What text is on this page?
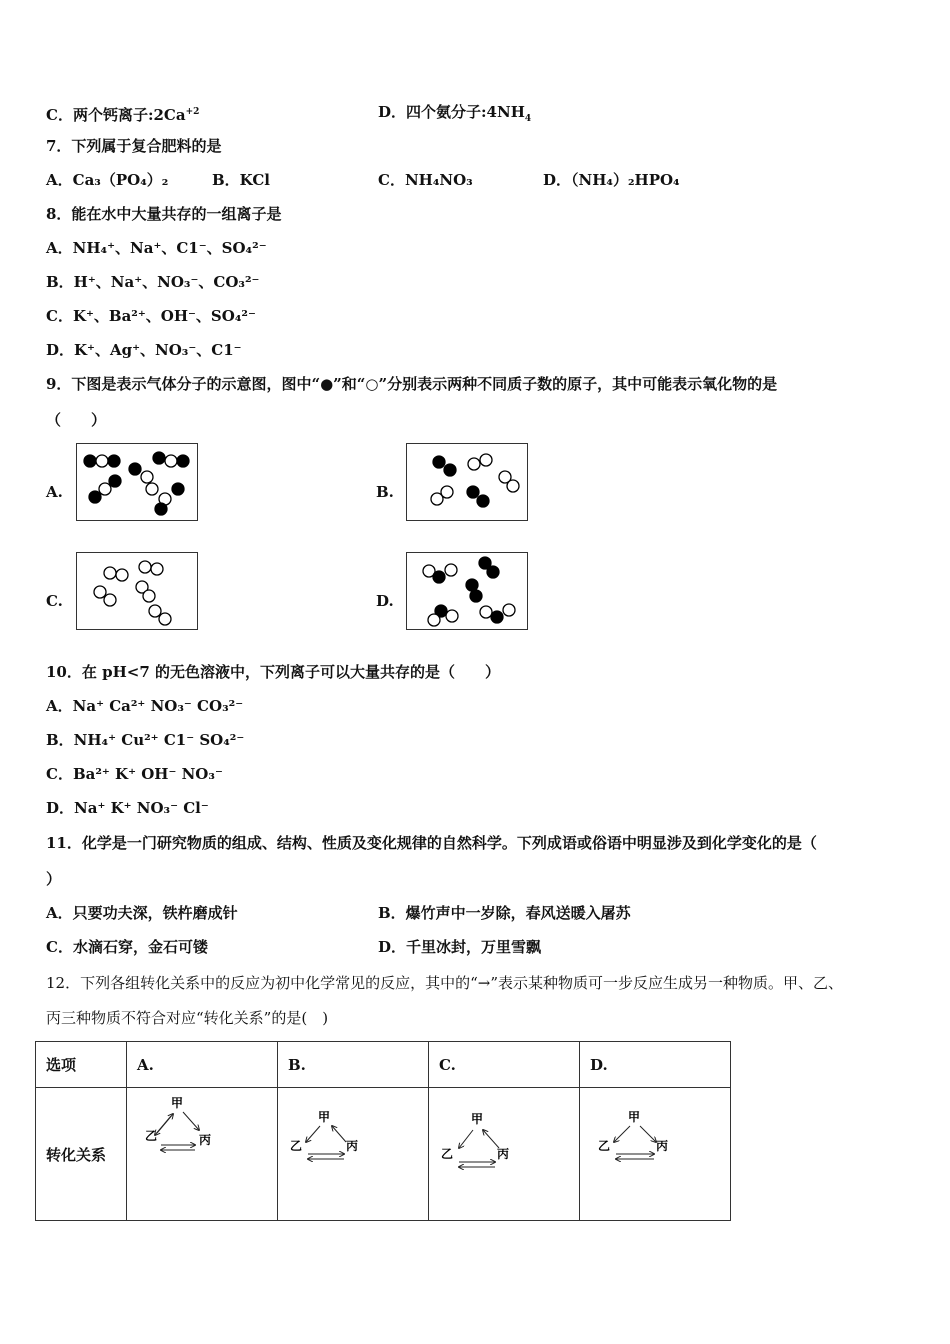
C．两个钙离子$:2Ca^{+2}$	D．四个氨分子$:4NH_4$
7．下列属于复合肥料的是
A．Ca₃（PO₄）₂	B．KCl	C．NH₄NO₃	D．（NH₄）₂HPO₄
8．能在水中大量共存的一组离子是
A．NH₄⁺、Na⁺、C1⁻、SO₄²⁻
B．H⁺、Na⁺、NO₃⁻、CO₃²⁻
C．K⁺、Ba²⁺、OH⁻、SO₄²⁻
D．K⁺、Ag⁺、NO₃⁻、C1⁻
9．下图是表示气体分子的示意图，图中“●”和“○”分别表示两种不同质子数的原子，其中可能表示氧化物的是
（　　）
A.	B.
C.	D.
10．在 pH<7 的无色溶液中，下列离子可以大量共存的是（　　）
A．Na⁺ Ca²⁺ NO₃⁻ CO₃²⁻
B．NH₄⁺ Cu²⁺ C1⁻ SO₄²⁻
C．Ba²⁺ K⁺ OH⁻ NO₃⁻
D．Na⁺ K⁺ NO₃⁻ Cl⁻
11．化学是一门研究物质的组成、结构、性质及变化规律的自然科学。下列成语或俗语中明显涉及到化学变化的是（
）
A．只要功夫深，铁杵磨成针	B．爆竹声中一岁除，春风送暖入屠苏
C．水滴石穿，金石可镂	D．千里冰封，万里雪飘
12．下列各组转化关系中的反应为初中化学常见的反应，其中的“→”表示某种物质可一步反应生成另一种物质。甲、乙、
丙三种物质不符合对应“转化关系”的是(　)
选项	A.	B.	C.	D.
转化关系	甲
乙 丙	甲
乙 丙	甲
乙 丙	甲
乙 丙
